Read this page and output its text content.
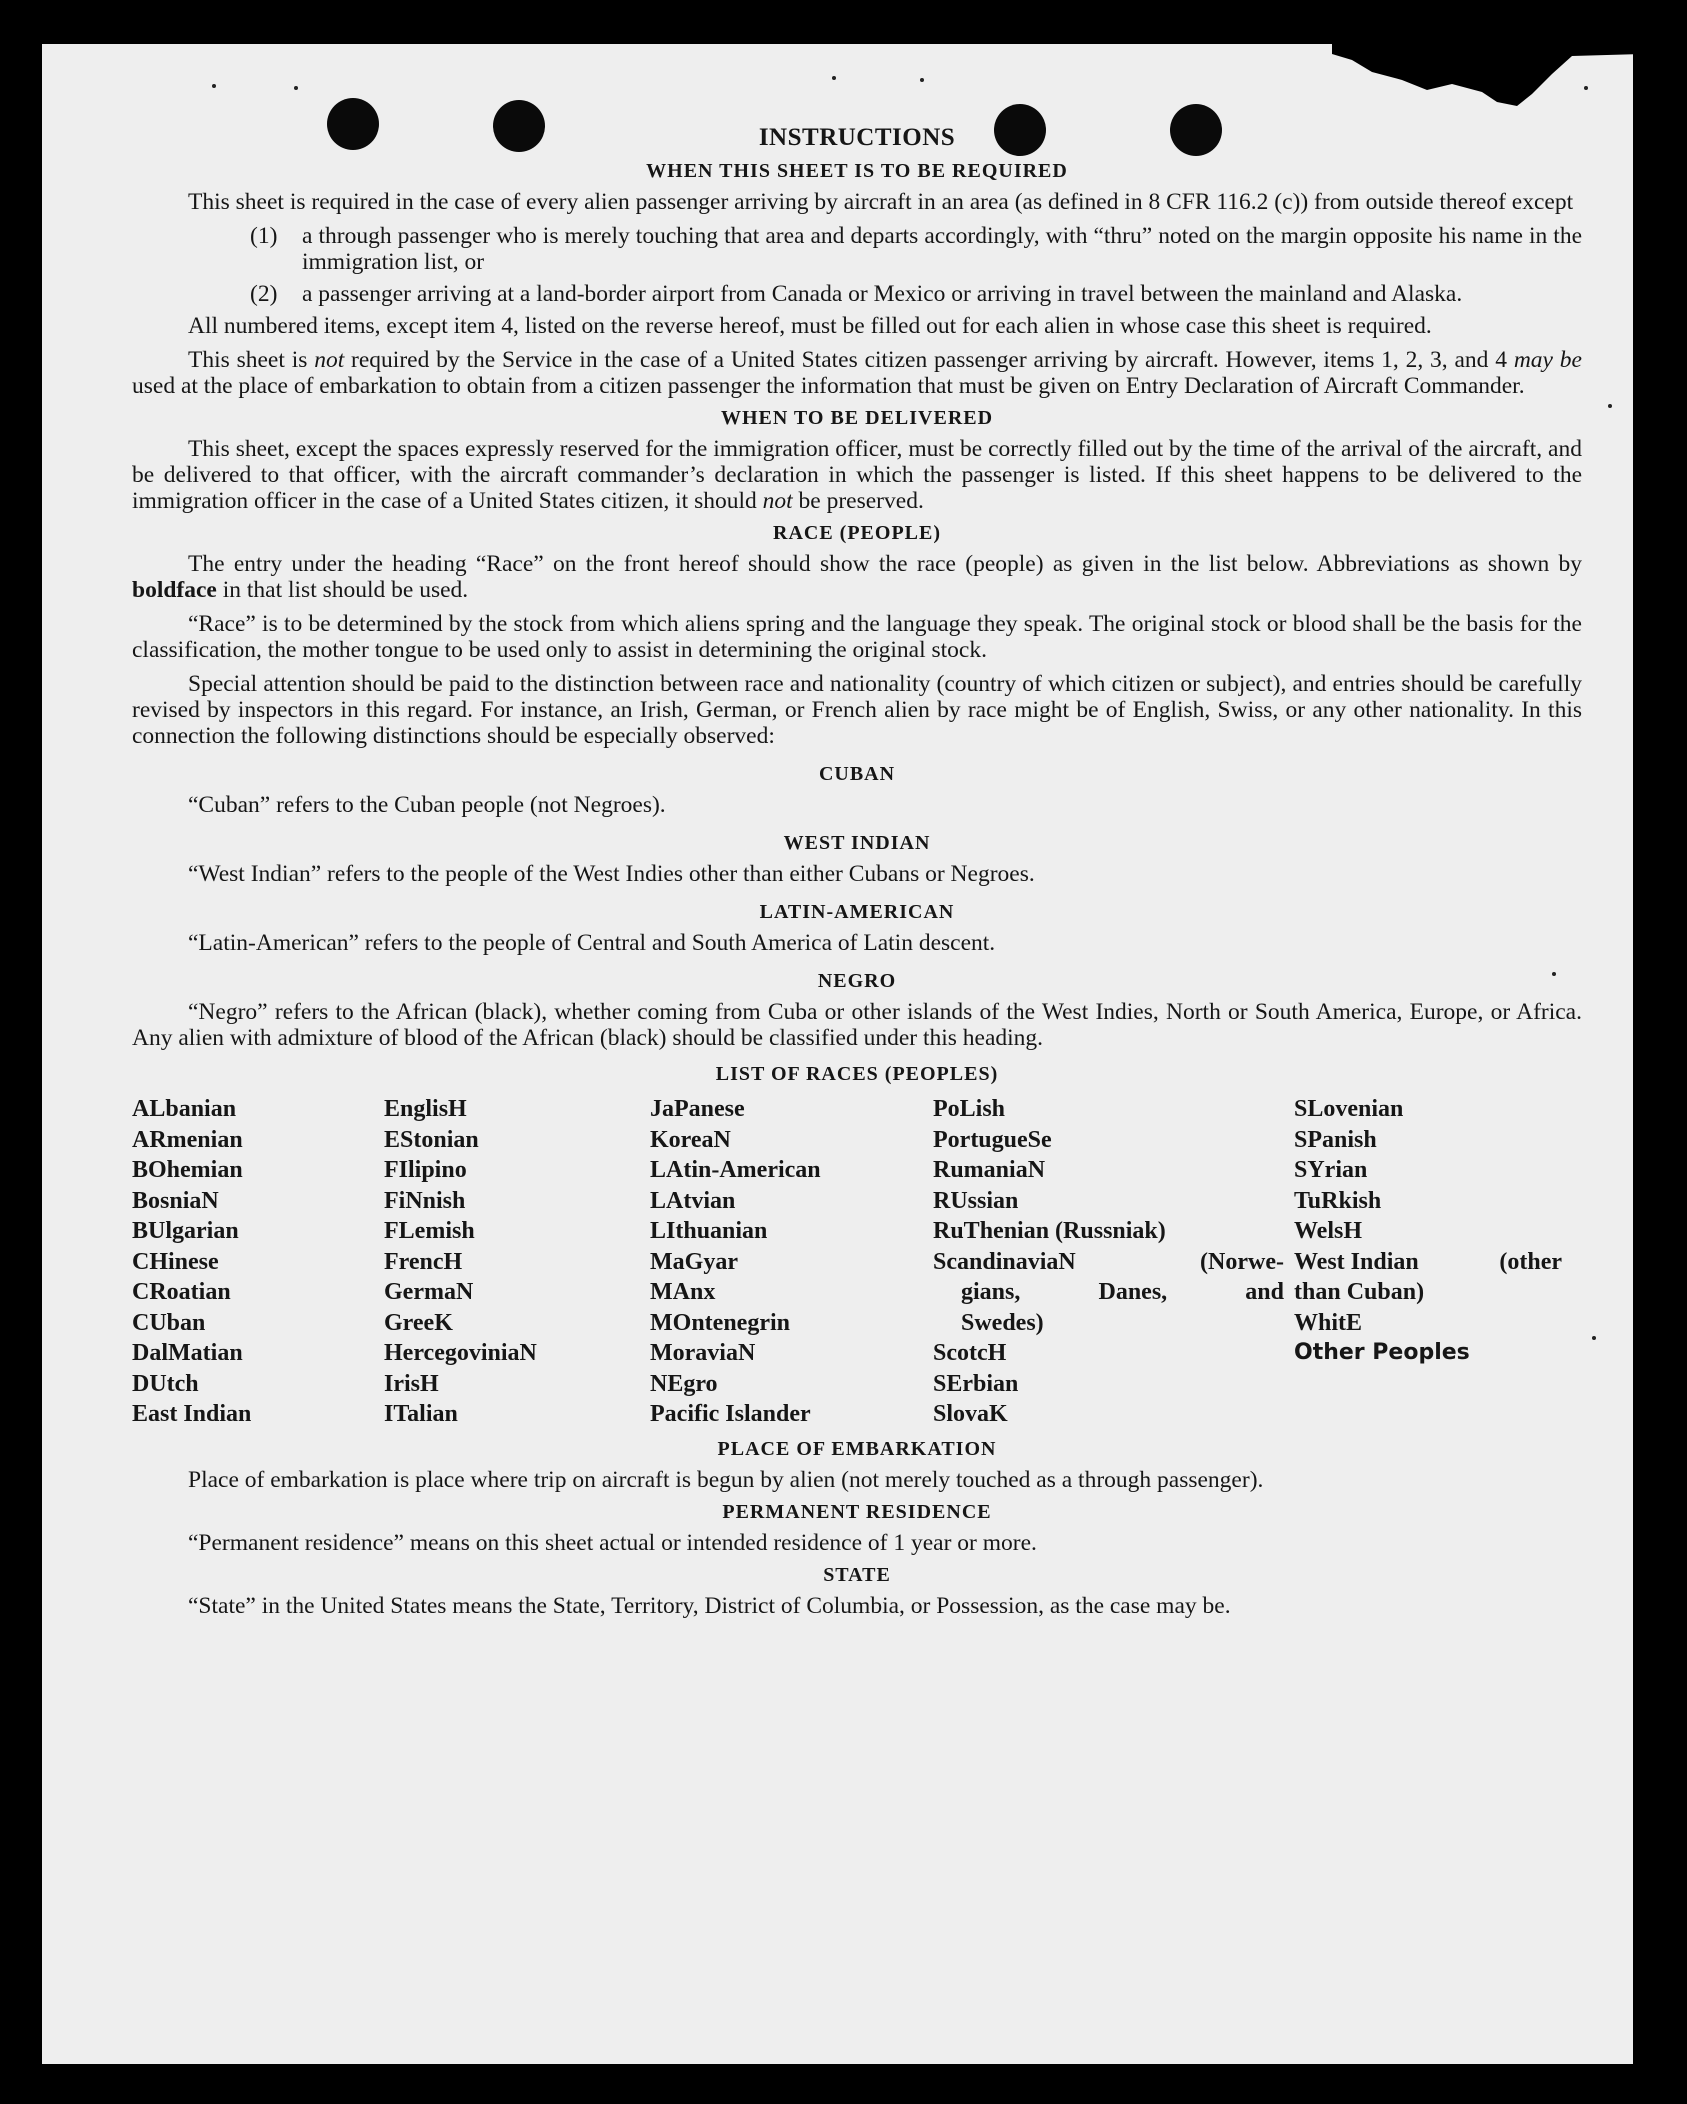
INSTRUCTIONS
WHEN THIS SHEET IS TO BE REQUIRED

This sheet is required in the case of every alien passenger arriving by aircraft in an area (as defined in 8 CFR 116.2 (c)) from outside thereof except

(1)	a through passenger who is merely touching that area and departs accordingly, with “thru” noted on the margin opposite his name in the immigration list, or
(2)	a passenger arriving at a land-border airport from Canada or Mexico or arriving in travel between the mainland and Alaska.

All numbered items, except item 4, listed on the reverse hereof, must be filled out for each alien in whose case this sheet is required.

This sheet is not required by the Service in the case of a United States citizen passenger arriving by aircraft. However, items 1, 2, 3, and 4 may be used at the place of embarkation to obtain from a citizen passenger the information that must be given on Entry Declaration of Aircraft Commander.

WHEN TO BE DELIVERED

This sheet, except the spaces expressly reserved for the immigration officer, must be correctly filled out by the time of the arrival of the aircraft, and be delivered to that officer, with the aircraft commander’s declaration in which the passenger is listed. If this sheet happens to be delivered to the immigration officer in the case of a United States citizen, it should not be preserved.

RACE (PEOPLE)

The entry under the heading “Race” on the front hereof should show the race (people) as given in the list below. Abbreviations as shown by boldface in that list should be used.

“Race” is to be determined by the stock from which aliens spring and the language they speak. The original stock or blood shall be the basis for the classification, the mother tongue to be used only to assist in determining the original stock.

Special attention should be paid to the distinction between race and nationality (country of which citizen or subject), and entries should be carefully revised by inspectors in this regard. For instance, an Irish, German, or French alien by race might be of English, Swiss, or any other nationality. In this connection the following distinctions should be especially observed:

CUBAN

“Cuban” refers to the Cuban people (not Negroes).

WEST INDIAN

“West Indian” refers to the people of the West Indies other than either Cubans or Negroes.

LATIN-AMERICAN

“Latin-American” refers to the people of Central and South America of Latin descent.

NEGRO

“Negro” refers to the African (black), whether coming from Cuba or other islands of the West Indies, North or South America, Europe, or Africa. Any alien with admixture of blood of the African (black) should be classified under this heading.

LIST OF RACES (PEOPLES)
ALbanian
ARmenian
BOhemian
BosniaN
BUlgarian
CHinese
CRoatian
CUban
DalMatian
DUtch
East Indian
EnglisH
EStonian
FIlipino
FiNnish
FLemish
FrencH
GermaN
GreeK
HercegoviniaN
IrisH
ITalian
JaPanese
KoreaN
LAtin-American
LAtvian
LIthuanian
MaGyar
MAnx
MOntenegrin
MoraviaN
NEgro
Pacific Islander
PoLish
PortugueSe
RumaniaN
RUssian
RuThenian (Russniak)
ScandinaviaN	(Norwe-
gians,	Danes,	and
Swedes)
ScotcH
SErbian
SlovaK
SLovenian
SPanish
SYrian
TuRkish
WelsH
West Indian	(other
than Cuban)
WhitE
Other Peoples
PLACE OF EMBARKATION

Place of embarkation is place where trip on aircraft is begun by alien (not merely touched as a through passenger).

PERMANENT RESIDENCE

“Permanent residence” means on this sheet actual or intended residence of 1 year or more.

STATE

“State” in the United States means the State, Territory, District of Columbia, or Possession, as the case may be.
